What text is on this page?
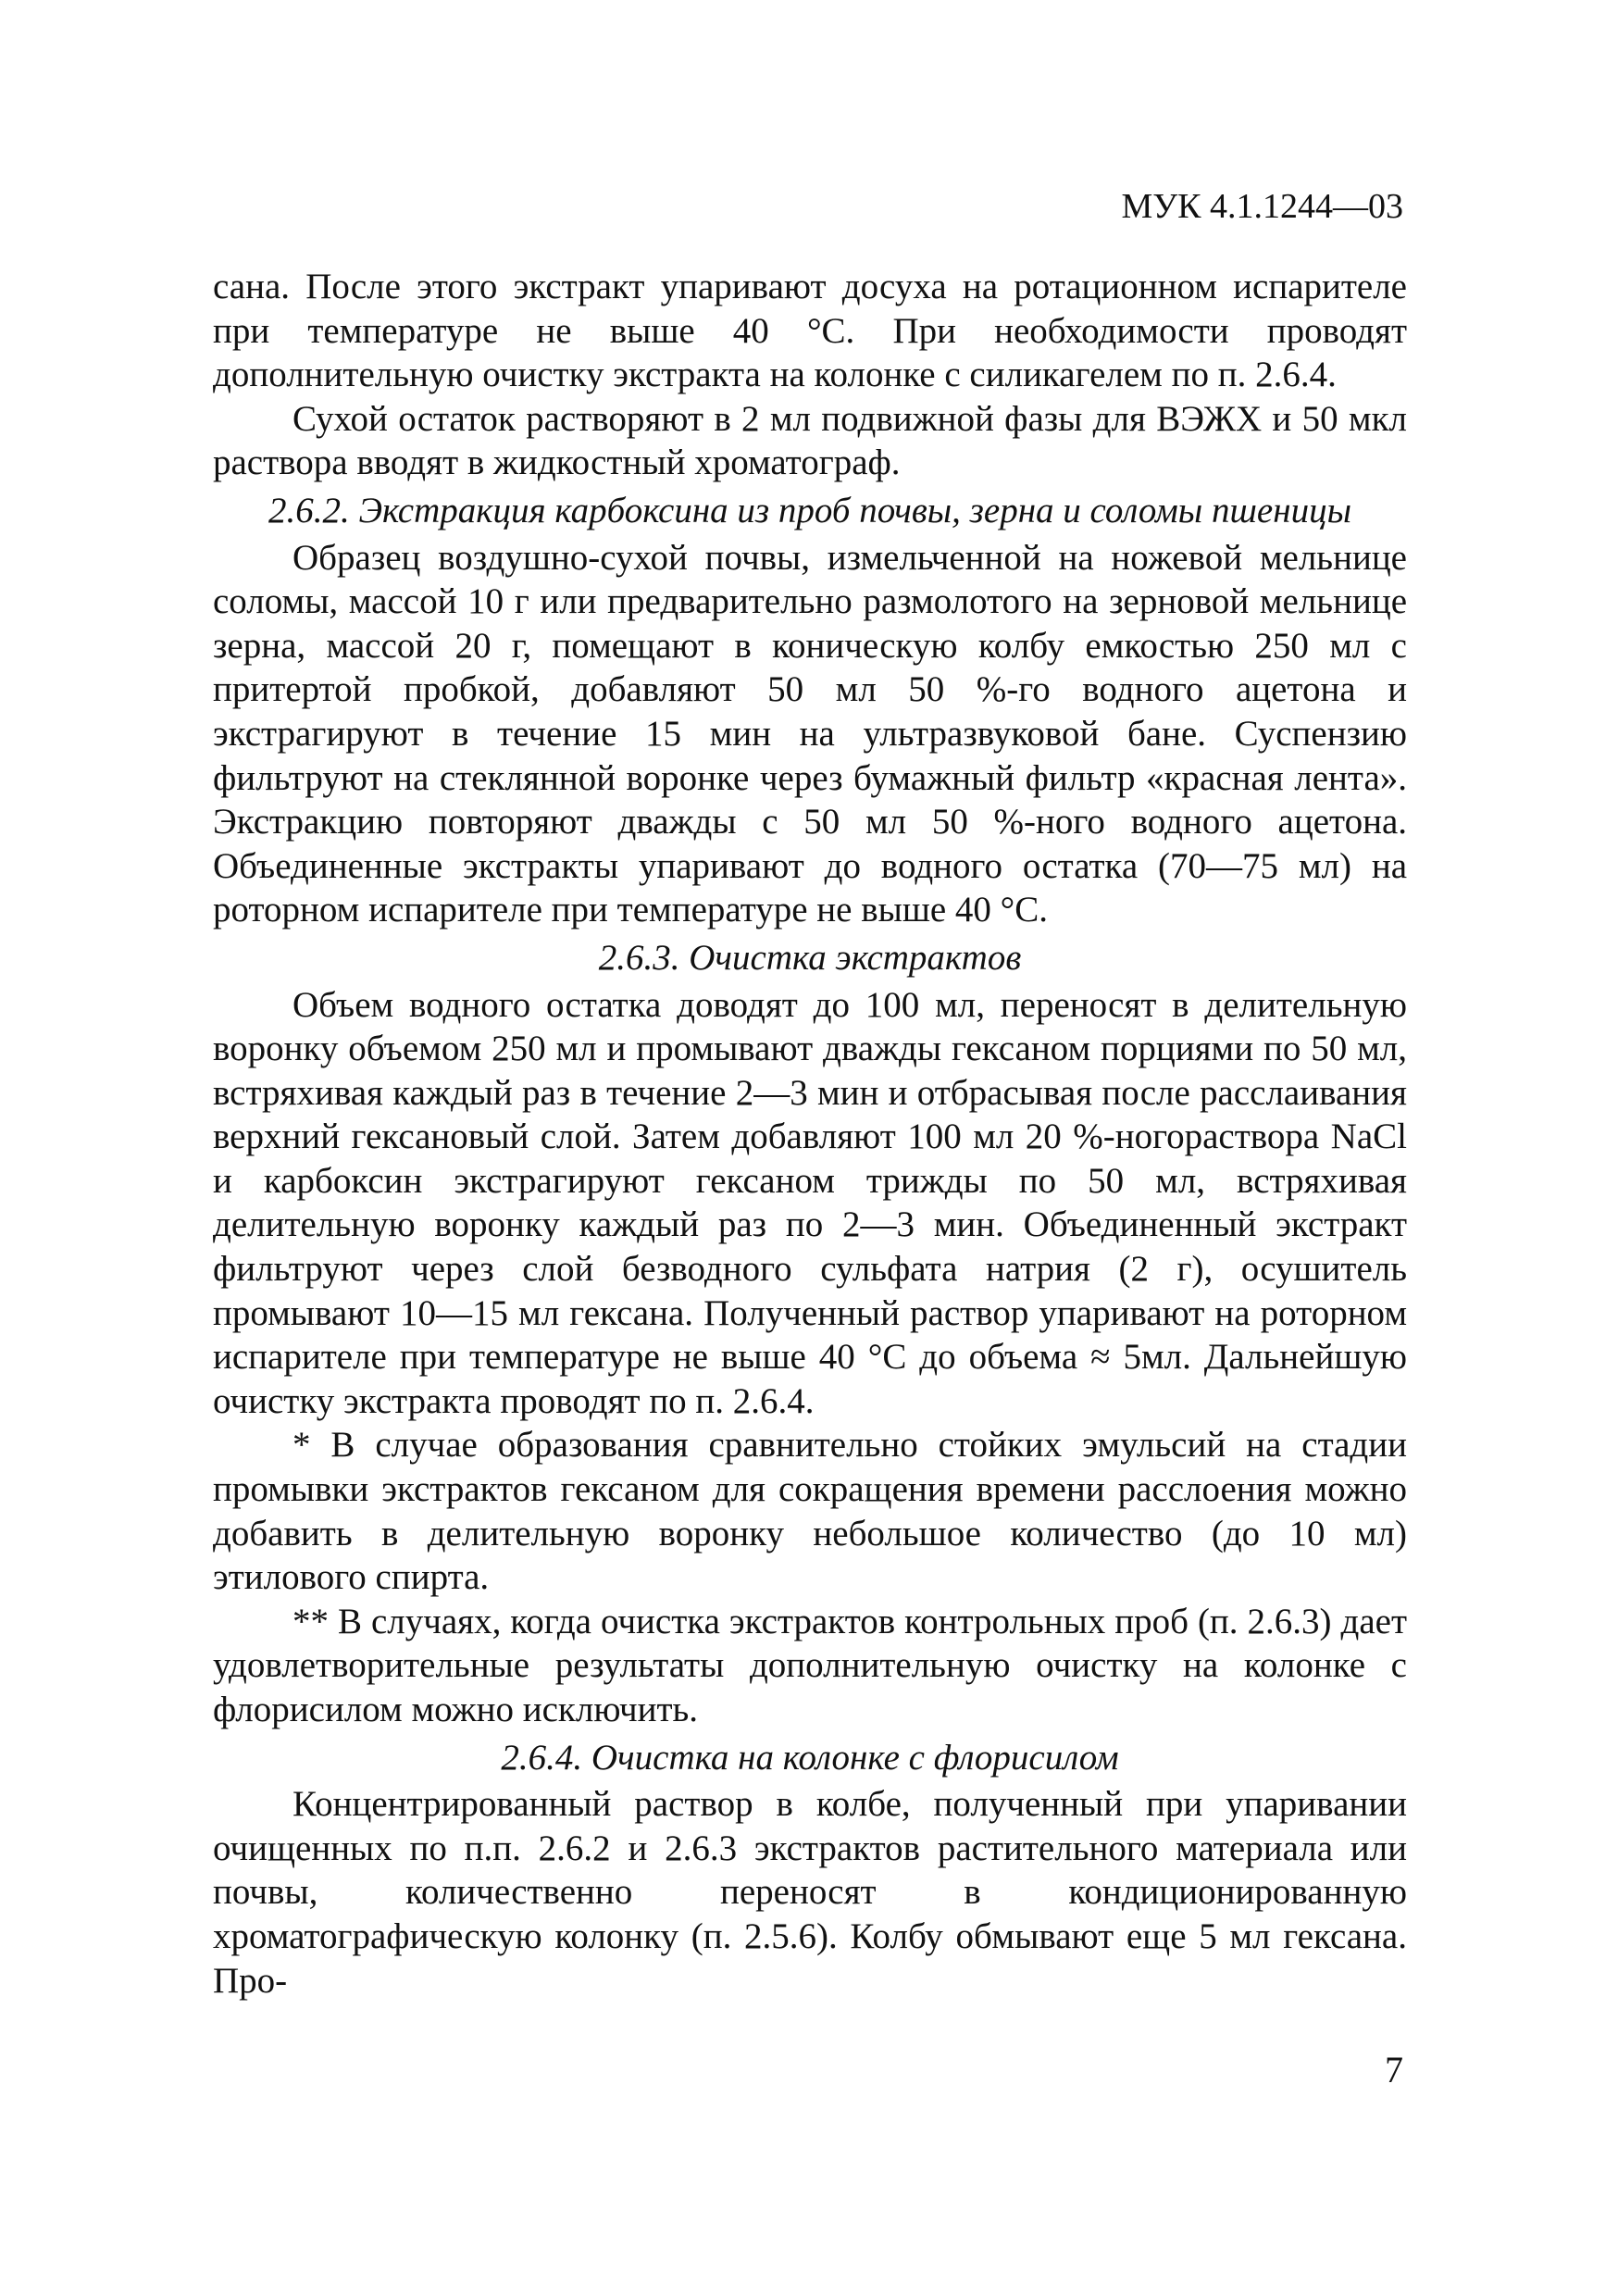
МУК 4.1.1244—03

сана. После этого экстракт упаривают досуха на ротационном испарителе при температуре не выше 40 °С. При необходимости проводят дополнительную очистку экстракта на колонке с силикагелем по п. 2.6.4.

Сухой остаток растворяют в 2 мл подвижной фазы для ВЭЖХ и 50 мкл раствора вводят в жидкостный хроматограф.

2.6.2. Экстракция карбоксина из проб почвы, зерна и соломы пшеницы

Образец воздушно-сухой почвы, измельченной на ножевой мельнице соломы, массой 10 г или предварительно размолотого на зерновой мельнице зерна, массой 20 г, помещают в коническую колбу емкостью 250 мл с притертой пробкой, добавляют 50 мл 50 %-го водного ацетона и экстрагируют в течение 15 мин на ультразвуковой бане. Суспензию фильтруют на стеклянной воронке через бумажный фильтр «красная лента». Экстракцию повторяют дважды с 50 мл 50 %-ного водного ацетона. Объединенные экстракты упаривают до водного остатка (70—75 мл) на роторном испарителе при температуре не выше 40 °С.

2.6.3. Очистка экстрактов

Объем водного остатка доводят до 100 мл, переносят в делительную воронку объемом 250 мл и промывают дважды гексаном порциями по 50 мл, встряхивая каждый раз в течение 2—3 мин и отбрасывая после расслаивания верхний гексановый слой. Затем добавляют 100 мл 20 %-ногораствора NaCl и карбоксин экстрагируют гексаном трижды по 50 мл, встряхивая делительную воронку каждый раз по 2—3 мин. Объединенный экстракт фильтруют через слой безводного сульфата натрия (2 г), осушитель промывают 10—15 мл гексана. Полученный раствор упаривают на роторном испарителе при температуре не выше 40 °С до объема ≈ 5мл. Дальнейшую очистку экстракта проводят по п. 2.6.4.

* В случае образования сравнительно стойких эмульсий на стадии промывки экстрактов гексаном для сокращения времени расслоения можно добавить в делительную воронку небольшое количество (до 10 мл) этилового спирта.

** В случаях, когда очистка экстрактов контрольных проб (п. 2.6.3) дает удовлетворительные результаты дополнительную очистку на колонке с флорисилом можно исключить.

2.6.4. Очистка на колонке с флорисилом

Концентрированный раствор в колбе, полученный при упаривании очищенных по п.п. 2.6.2 и 2.6.3 экстрактов растительного материала или почвы, количественно переносят в кондиционированную хроматографическую колонку (п. 2.5.6). Колбу обмывают еще 5 мл гексана. Про-

7
